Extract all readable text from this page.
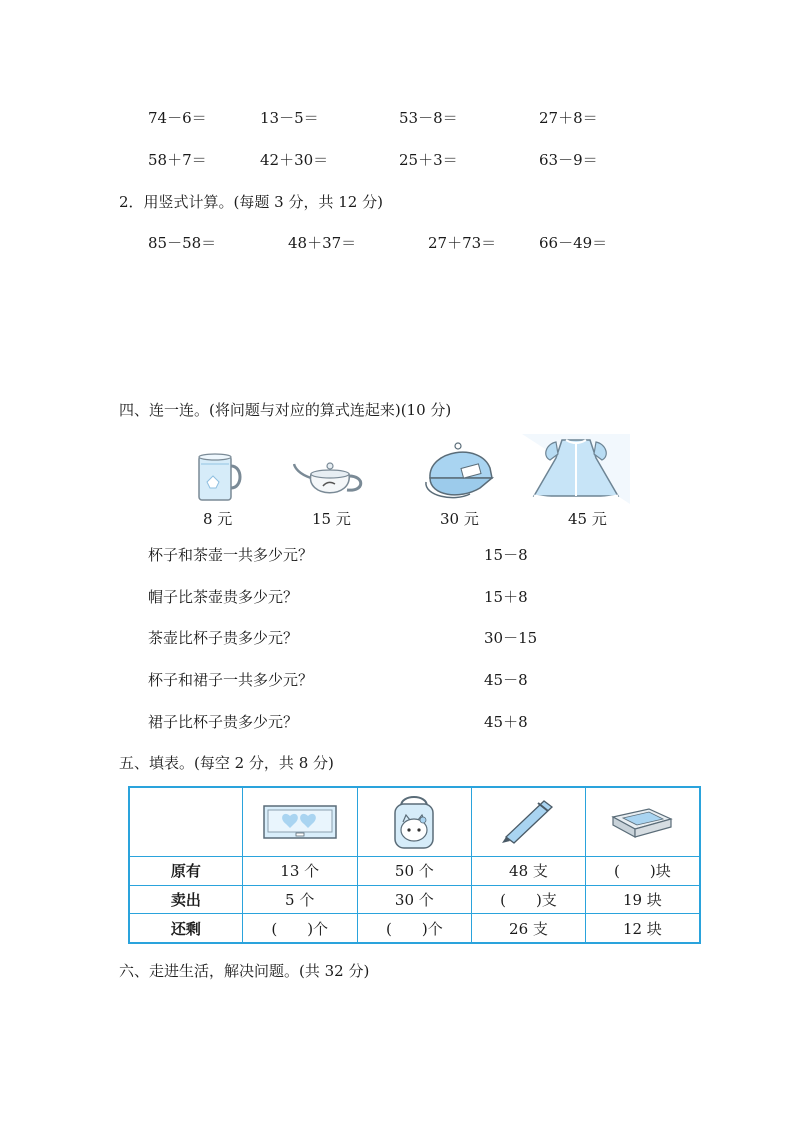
74－6＝	13－5＝	53－8＝	27＋8＝
58＋7＝	42＋30＝	25＋3＝	63－9＝
2．用竖式计算。(每题 3 分，共 12 分)
85－58＝	48＋37＝	27＋73＝	66－49＝
四、连一连。(将问题与对应的算式连起来)(10 分)
8 元	15 元	30 元	45 元
杯子和茶壶一共多少元？
帽子比茶壶贵多少元？
茶壶比杯子贵多少元？
杯子和裙子一共多少元？
裙子比杯子贵多少元？
15－8
15＋8
30－15
45－8
45＋8
五、填表。(每空 2 分，共 8 分)

原有	13 个	50 个	48 支	(　　)块
卖出	5 个	30 个	(　　)支	19 块
还剩	(　　)个	(　　)个	26 支	12 块
六、走进生活，解决问题。(共 32 分)
